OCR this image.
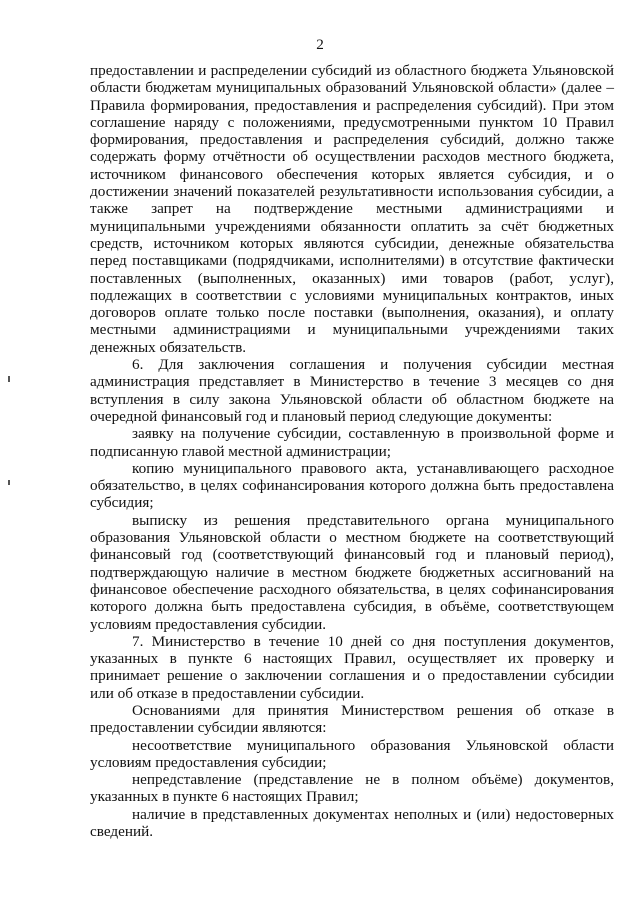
2

предоставлении и распределении субсидий из областного бюджета Ульяновской области бюджетам муниципальных образований Ульяновской области» (далее – Правила формирования, предоставления и распределения субсидий). При этом соглашение наряду с положениями, предусмотренными пунктом 10 Правил формирования, предоставления и распределения субсидий, должно также содержать форму отчётности об осуществлении расходов местного бюджета, источником финансового обеспечения которых является субсидия, и о достижении значений показателей результативности использования субсидии, а также запрет на подтверждение местными администрациями и муниципальными учреждениями обязанности оплатить за счёт бюджетных средств, источником которых являются субсидии, денежные обязательства перед поставщиками (подрядчиками, исполнителями) в отсутствие фактически поставленных (выполненных, оказанных) ими товаров (работ, услуг), подлежащих в соответствии с условиями муниципальных контрактов, иных договоров оплате только после поставки (выполнения, оказания), и оплату местными администрациями и муниципальными учреждениями таких денежных обязательств.

6. Для заключения соглашения и получения субсидии местная администрация представляет в Министерство в течение 3 месяцев со дня вступления в силу закона Ульяновской области об областном бюджете на очередной финансовый год и плановый период следующие документы:

заявку на получение субсидии, составленную в произвольной форме и подписанную главой местной администрации;

копию муниципального правового акта, устанавливающего расходное обязательство, в целях софинансирования которого должна быть предоставлена субсидия;

выписку из решения представительного органа муниципального образования Ульяновской области о местном бюджете на соответствующий финансовый год (соответствующий финансовый год и плановый период), подтверждающую наличие в местном бюджете бюджетных ассигнований на финансовое обеспечение расходного обязательства, в целях софинансирования которого должна быть предоставлена субсидия, в объёме, соответствующем условиям предоставления субсидии.

7. Министерство в течение 10 дней со дня поступления документов, указанных в пункте 6 настоящих Правил, осуществляет их проверку и принимает решение о заключении соглашения и о предоставлении субсидии или об отказе в предоставлении субсидии.

Основаниями для принятия Министерством решения об отказе в предоставлении субсидии являются:

несоответствие муниципального образования Ульяновской области условиям предоставления субсидии;

непредставление (представление не в полном объёме) документов, указанных в пункте 6 настоящих Правил;

наличие в представленных документах неполных и (или) недостоверных сведений.
